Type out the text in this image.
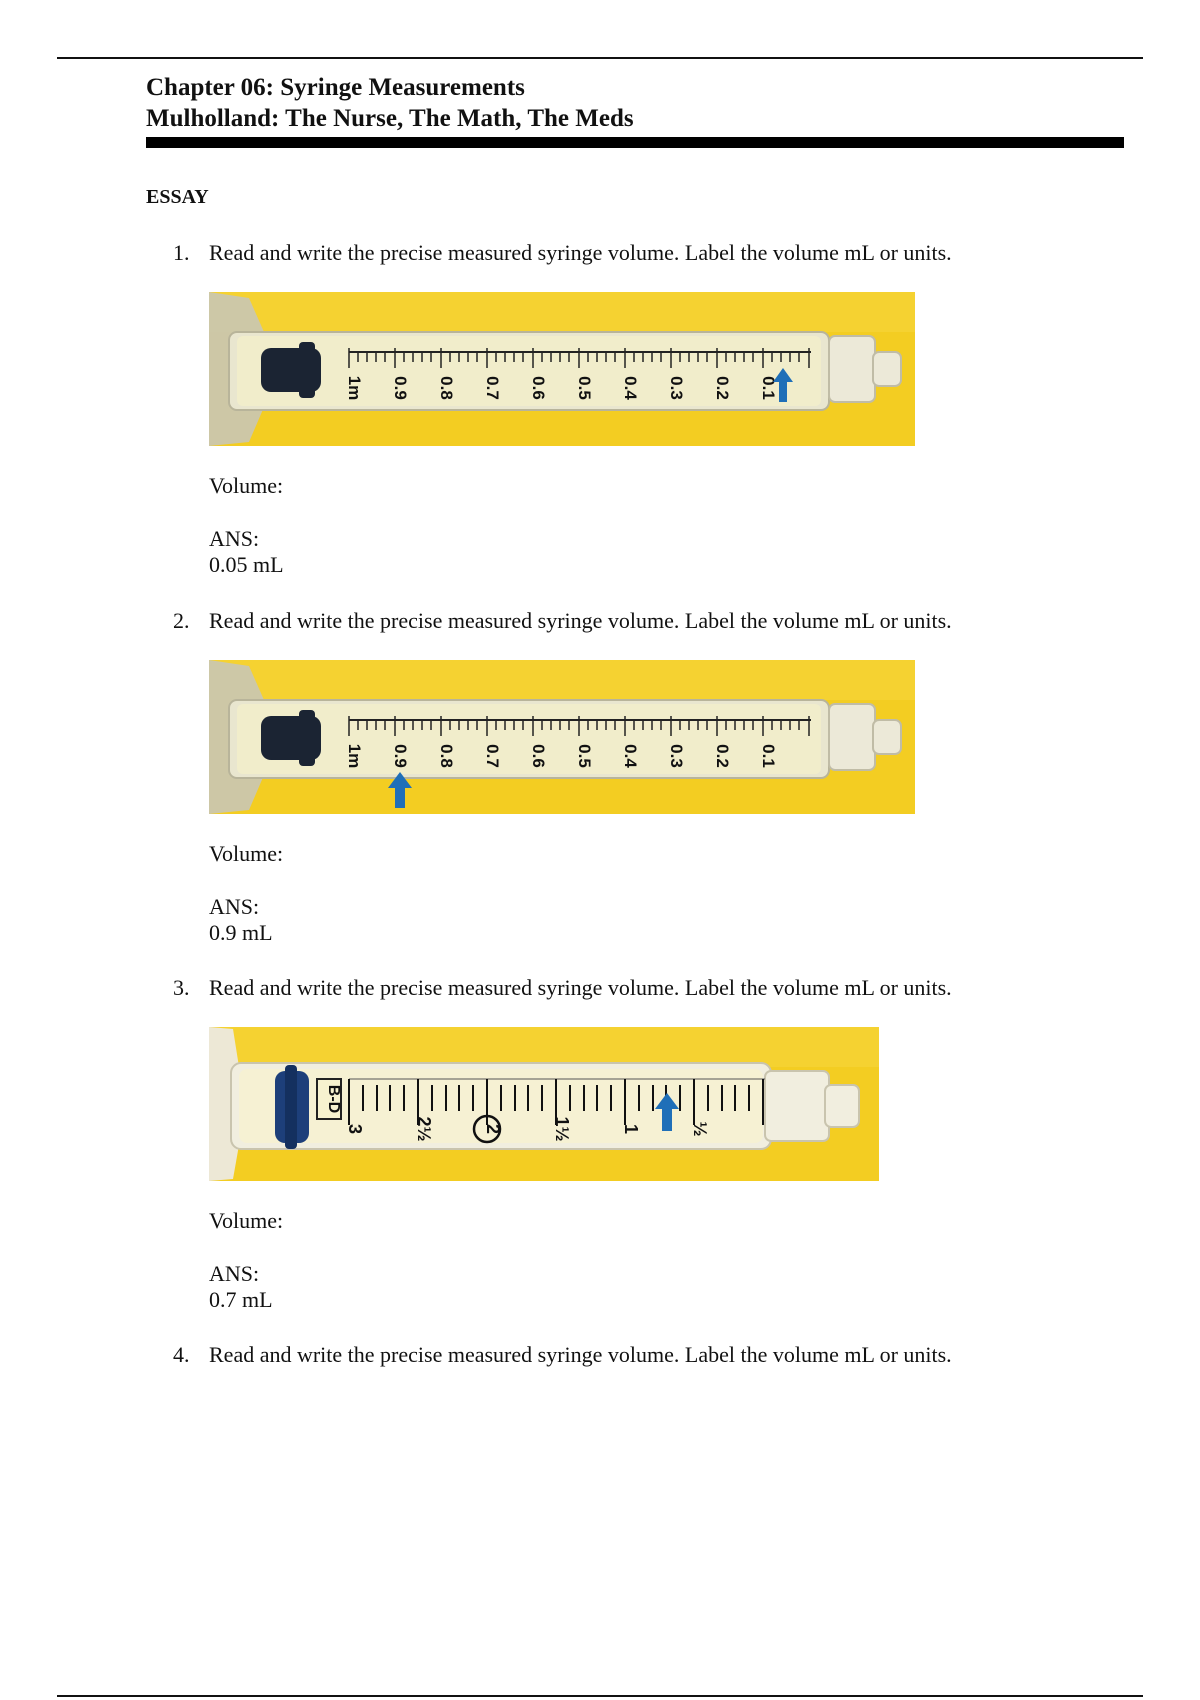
Chapter 06: Syringe Measurements
Mulholland: The Nurse, The Math, The Meds
ESSAY
1. Read and write the precise measured syringe volume. Label the volume mL or units.
1m 0.9 0.8 0.7 0.6 0.5 0.4 0.3 0.2 0.1
Volume:
ANS:
0.05 mL
2. Read and write the precise measured syringe volume. Label the volume mL or units.
1m 0.9 0.8 0.7 0.6 0.5 0.4 0.3 0.2 0.1
Volume:
ANS:
0.9 mL
3. Read and write the precise measured syringe volume. Label the volume mL or units.
B-D
3	2½	2	1½	1	½
Volume:
ANS:
0.7 mL
4. Read and write the precise measured syringe volume. Label the volume mL or units.
